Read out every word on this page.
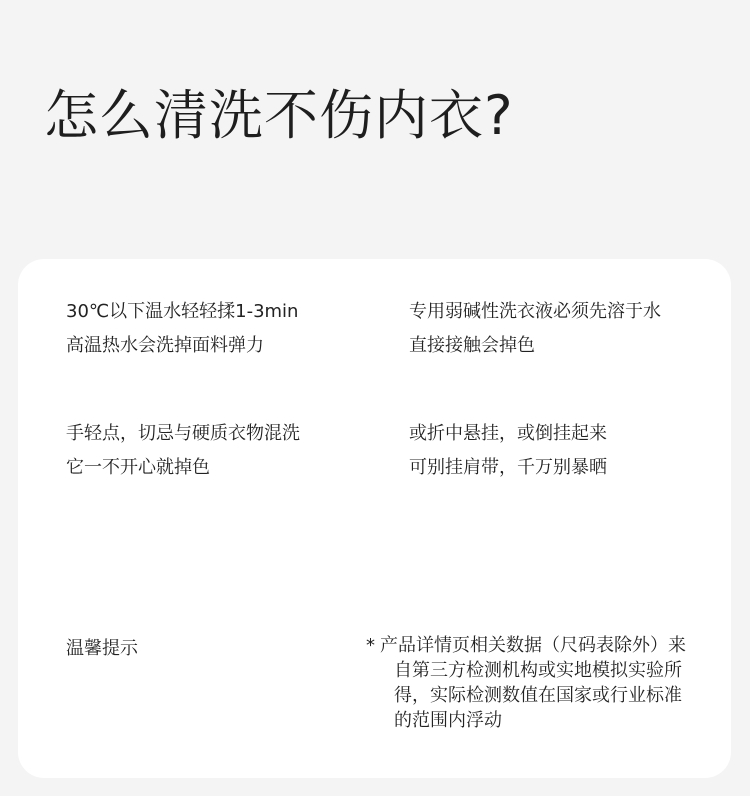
怎么清洗不伤内衣?
30℃以下温水轻轻揉1-3min
高温热水会洗掉面料弹力
专用弱碱性洗衣液必须先溶于水
直接接触会掉色
手轻点，切忌与硬质衣物混洗
它一不开心就掉色
或折中悬挂，或倒挂起来
可别挂肩带，千万别暴晒
温馨提示	* 产品详情页相关数据（尺码表除外）来
自第三方检测机构或实地模拟实验所
得，实际检测数值在国家或行业标准
的范围内浮动
